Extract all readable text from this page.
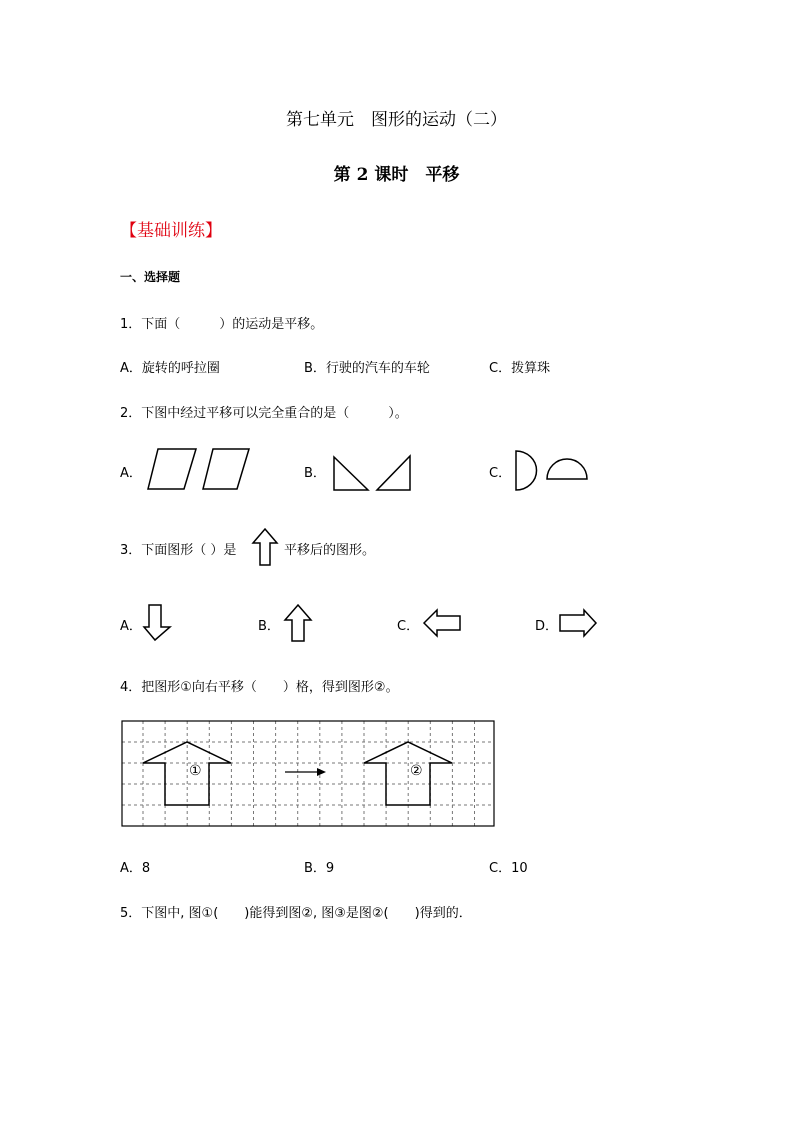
第七单元　图形的运动（二）
第 2 课时　平移
【基础训练】
一、选择题
1．下面（　　　）的运动是平移。
A．旋转的呼拉圈	B．行驶的汽车的车轮	C．拨算珠
2．下图中经过平移可以完全重合的是（　　　）。
A．	B．	C．
3．下面图形（ ）是	平移后的图形。
A．	B．	C．	D．
4．把图形①向右平移（　　）格，得到图形②。
①	②
A．8	B．9	C．10
5．下图中, 图①(　　)能得到图②, 图③是图②(　　)得到的．
